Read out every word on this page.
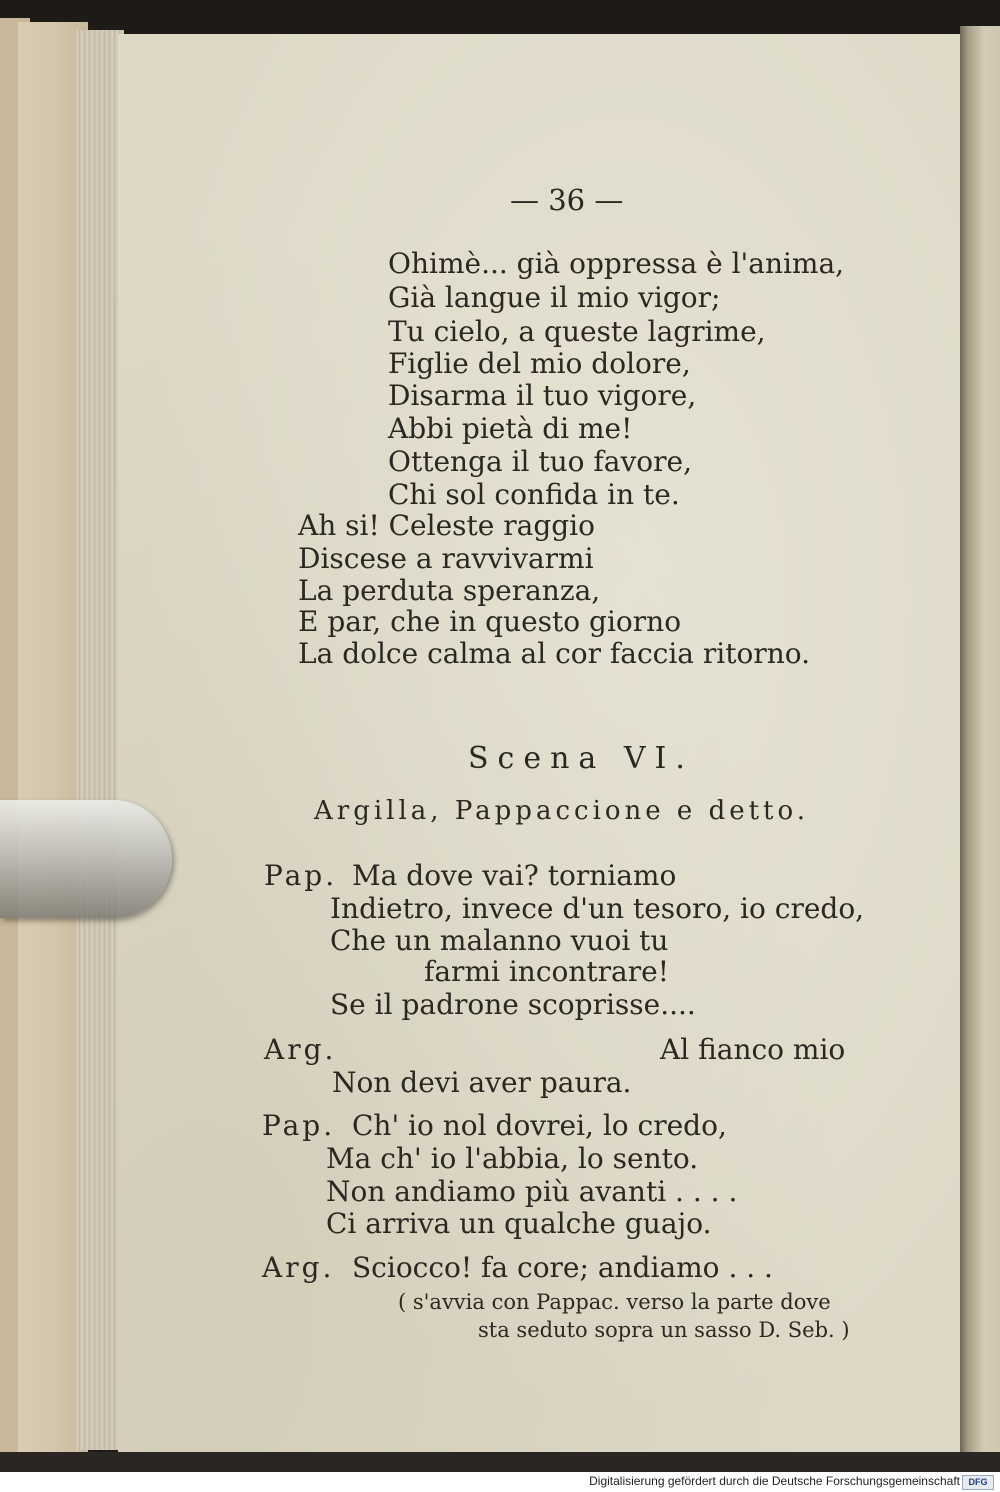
— 36 —
Ohimè... già oppressa è l'anima,
Già langue il mio vigor;
Tu cielo, a queste lagrime,
Figlie del mio dolore,
Disarma il tuo vigore,
Abbi pietà di me!
Ottenga il tuo favore,
Chi sol confida in te.
Ah si! Celeste raggio
Discese a ravvivarmi
La perduta speranza,
E par, che in questo giorno
La dolce calma al cor faccia ritorno.
Scena VI.
Argilla, Pappaccione e detto.
Pap. Ma dove vai? torniamo
Indietro, invece d'un tesoro, io credo,
Che un malanno vuoi tu
farmi incontrare!
Se il padrone scoprisse....
Arg.	Al fianco mio
Non devi aver paura.
Pap. Ch' io nol dovrei, lo credo,
Ma ch' io l'abbia, lo sento.
Non andiamo più avanti . . . .
Ci arriva un qualche guajo.
Arg. Sciocco! fa core; andiamo . . .
( s'avvia con Pappac. verso la parte dove
sta seduto sopra un sasso D. Seb. )
Digitalisierung gefördert durch die Deutsche Forschungsgemeinschaft DFG
